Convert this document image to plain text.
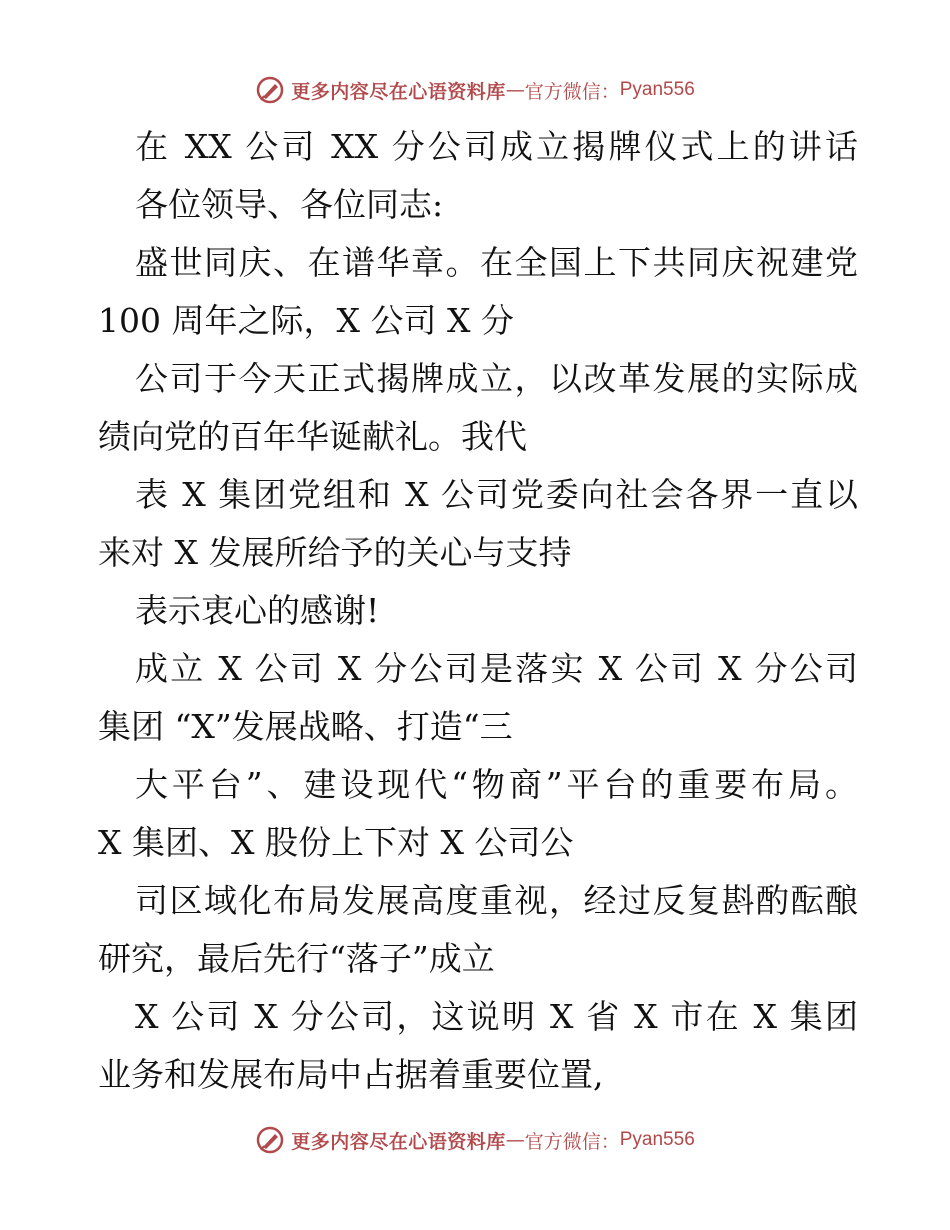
更多内容尽在心语资料库 — 官方微信： Pyan556
在 XX 公司 XX 分公司成立揭牌仪式上的讲话
各位领导、各位同志:
盛世同庆、在谱华章。在全国上下共同庆祝建党
100 周年之际，X 公司 X 分
公司于今天正式揭牌成立，以改革发展的实际成
绩向党的百年华诞献礼。我代
表 X 集团党组和 X 公司党委向社会各界一直以
来对 X 发展所给予的关心与支持
表示衷心的感谢!
成立 X 公司 X 分公司是落实 X 公司 X 分公司
集团 “X”发展战略、打造“三
大平台”、建设现代“物商”平台的重要布局。
X 集团、X 股份上下对 X 公司公
司区域化布局发展高度重视，经过反复斟酌酝酿
研究，最后先行“落子”成立
X 公司 X 分公司，这说明 X 省 X 市在 X 集团
业务和发展布局中占据着重要位置,
更多内容尽在心语资料库 — 官方微信： Pyan556
